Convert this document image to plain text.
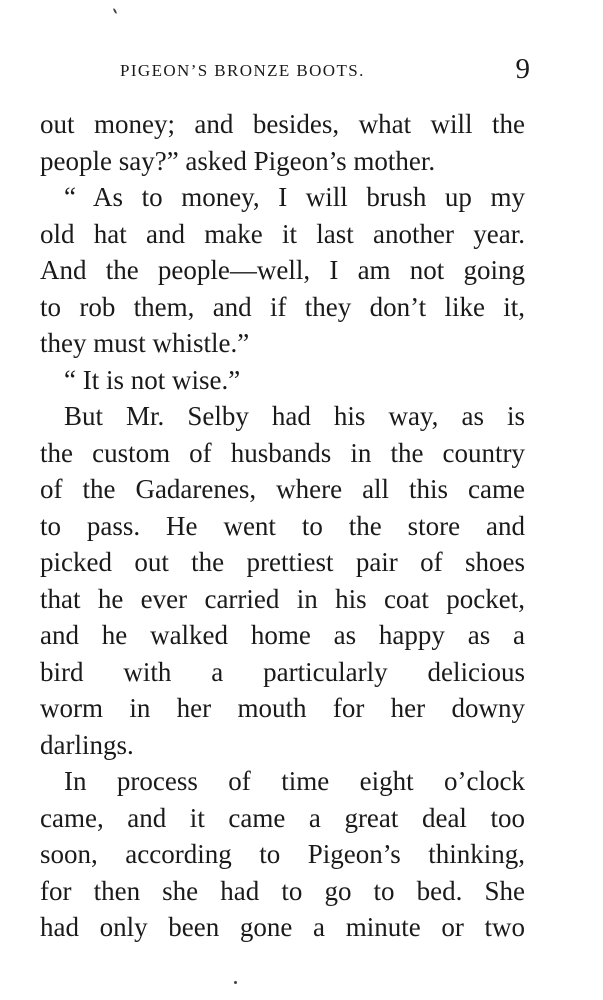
PIGEON’S BRONZE BOOTS.	9
out money; and besides, what will the
people say?” asked Pigeon’s mother.
“ As to money, I will brush up my
old hat and make it last another year.
And the people—well, I am not going
to rob them, and if they don’t like it,
they must whistle.”
“ It is not wise.”
But Mr. Selby had his way, as is
the custom of husbands in the country
of the Gadarenes, where all this came
to pass. He went to the store and
picked out the prettiest pair of shoes
that he ever carried in his coat pocket,
and he walked home as happy as a
bird with a particularly delicious
worm in her mouth for her downy
darlings.
In process of time eight o’clock
came, and it came a great deal too
soon, according to Pigeon’s thinking,
for then she had to go to bed. She
had only been gone a minute or two
